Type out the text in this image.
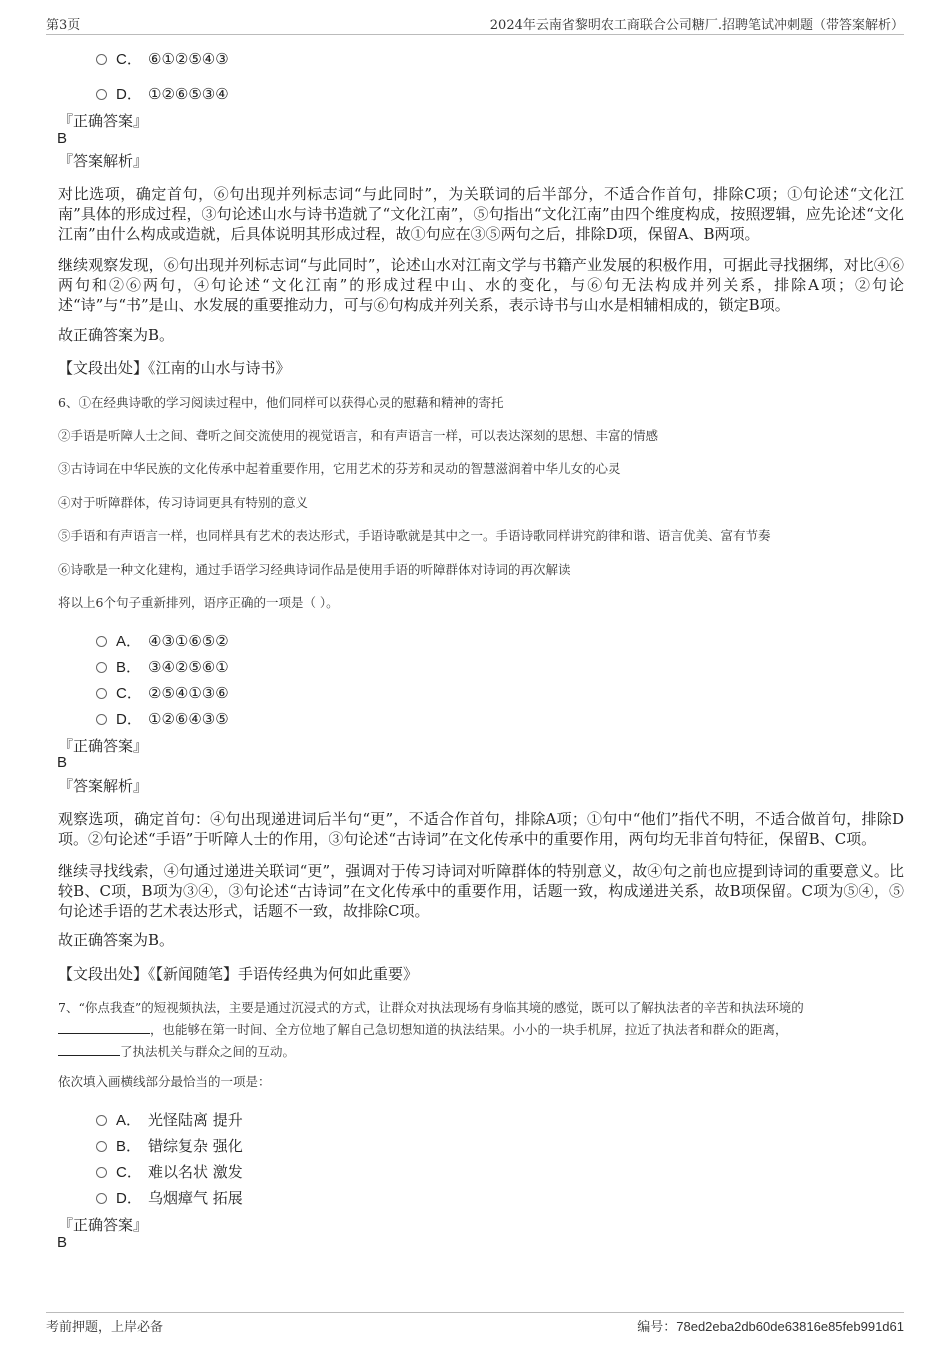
第3页	2024年云南省黎明农工商联合公司糖厂.招聘笔试冲刺题（带答案解析）
C． ⑥①②⑤④③
D． ①②⑥⑤③④
『正确答案』
B
『答案解析』
对比选项，确定首句，⑥句出现并列标志词“与此同时”，为关联词的后半部分，不适合作首句，排除C项；①句论述“文化江南”具体的形成过程，③句论述山水与诗书造就了“文化江南”，⑤句指出“文化江南”由四个维度构成，按照逻辑，应先论述“文化江南”由什么构成或造就，后具体说明其形成过程，故①句应在③⑤两句之后，排除D项，保留A、B两项。
继续观察发现，⑥句出现并列标志词“与此同时”，论述山水对江南文学与书籍产业发展的积极作用，可据此寻找捆绑，对比④⑥两句和②⑥两句，④句论述“文化江南”的形成过程中山、水的变化，与⑥句无法构成并列关系，排除A项；②句论述“诗”与“书”是山、水发展的重要推动力，可与⑥句构成并列关系，表示诗书与山水是相辅相成的，锁定B项。
故正确答案为B。
【文段出处】《江南的山水与诗书》
6、①在经典诗歌的学习阅读过程中，他们同样可以获得心灵的慰藉和精神的寄托
②手语是听障人士之间、聋听之间交流使用的视觉语言，和有声语言一样，可以表达深刻的思想、丰富的情感
③古诗词在中华民族的文化传承中起着重要作用，它用艺术的芬芳和灵动的智慧滋润着中华儿女的心灵
④对于听障群体，传习诗词更具有特别的意义
⑤手语和有声语言一样，也同样具有艺术的表达形式，手语诗歌就是其中之一。手语诗歌同样讲究韵律和谐、语言优美、富有节奏
⑥诗歌是一种文化建构，通过手语学习经典诗词作品是使用手语的听障群体对诗词的再次解读
将以上6个句子重新排列，语序正确的一项是（ ）。
A． ④③①⑥⑤②
B． ③④②⑤⑥①
C． ②⑤④①③⑥
D． ①②⑥④③⑤
『正确答案』
B
『答案解析』
观察选项，确定首句：④句出现递进词后半句“更”，不适合作首句，排除A项；①句中“他们”指代不明，不适合做首句，排除D项。②句论述“手语”于听障人士的作用，③句论述“古诗词”在文化传承中的重要作用，两句均无非首句特征，保留B、C项。
继续寻找线索，④句通过递进关联词“更”，强调对于传习诗词对听障群体的特别意义，故④句之前也应提到诗词的重要意义。比较B、C项，B项为③④，③句论述“古诗词”在文化传承中的重要作用，话题一致，构成递进关系，故B项保留。C项为⑤④，⑤句论述手语的艺术表达形式，话题不一致，故排除C项。
故正确答案为B。
【文段出处】《【新闻随笔】手语传经典为何如此重要》
7、“你点我查”的短视频执法，主要是通过沉浸式的方式，让群众对执法现场有身临其境的感觉，既可以了解执法者的辛苦和执法环境的
，也能够在第一时间、全方位地了解自己急切想知道的执法结果。小小的一块手机屏，拉近了执法者和群众的距离，
了执法机关与群众之间的互动。
依次填入画横线部分最恰当的一项是：
A． 光怪陆离 提升
B． 错综复杂 强化
C． 难以名状 激发
D． 乌烟瘴气 拓展
『正确答案』
B
考前押题，上岸必备	编号：78ed2eba2db60de63816e85feb991d61
